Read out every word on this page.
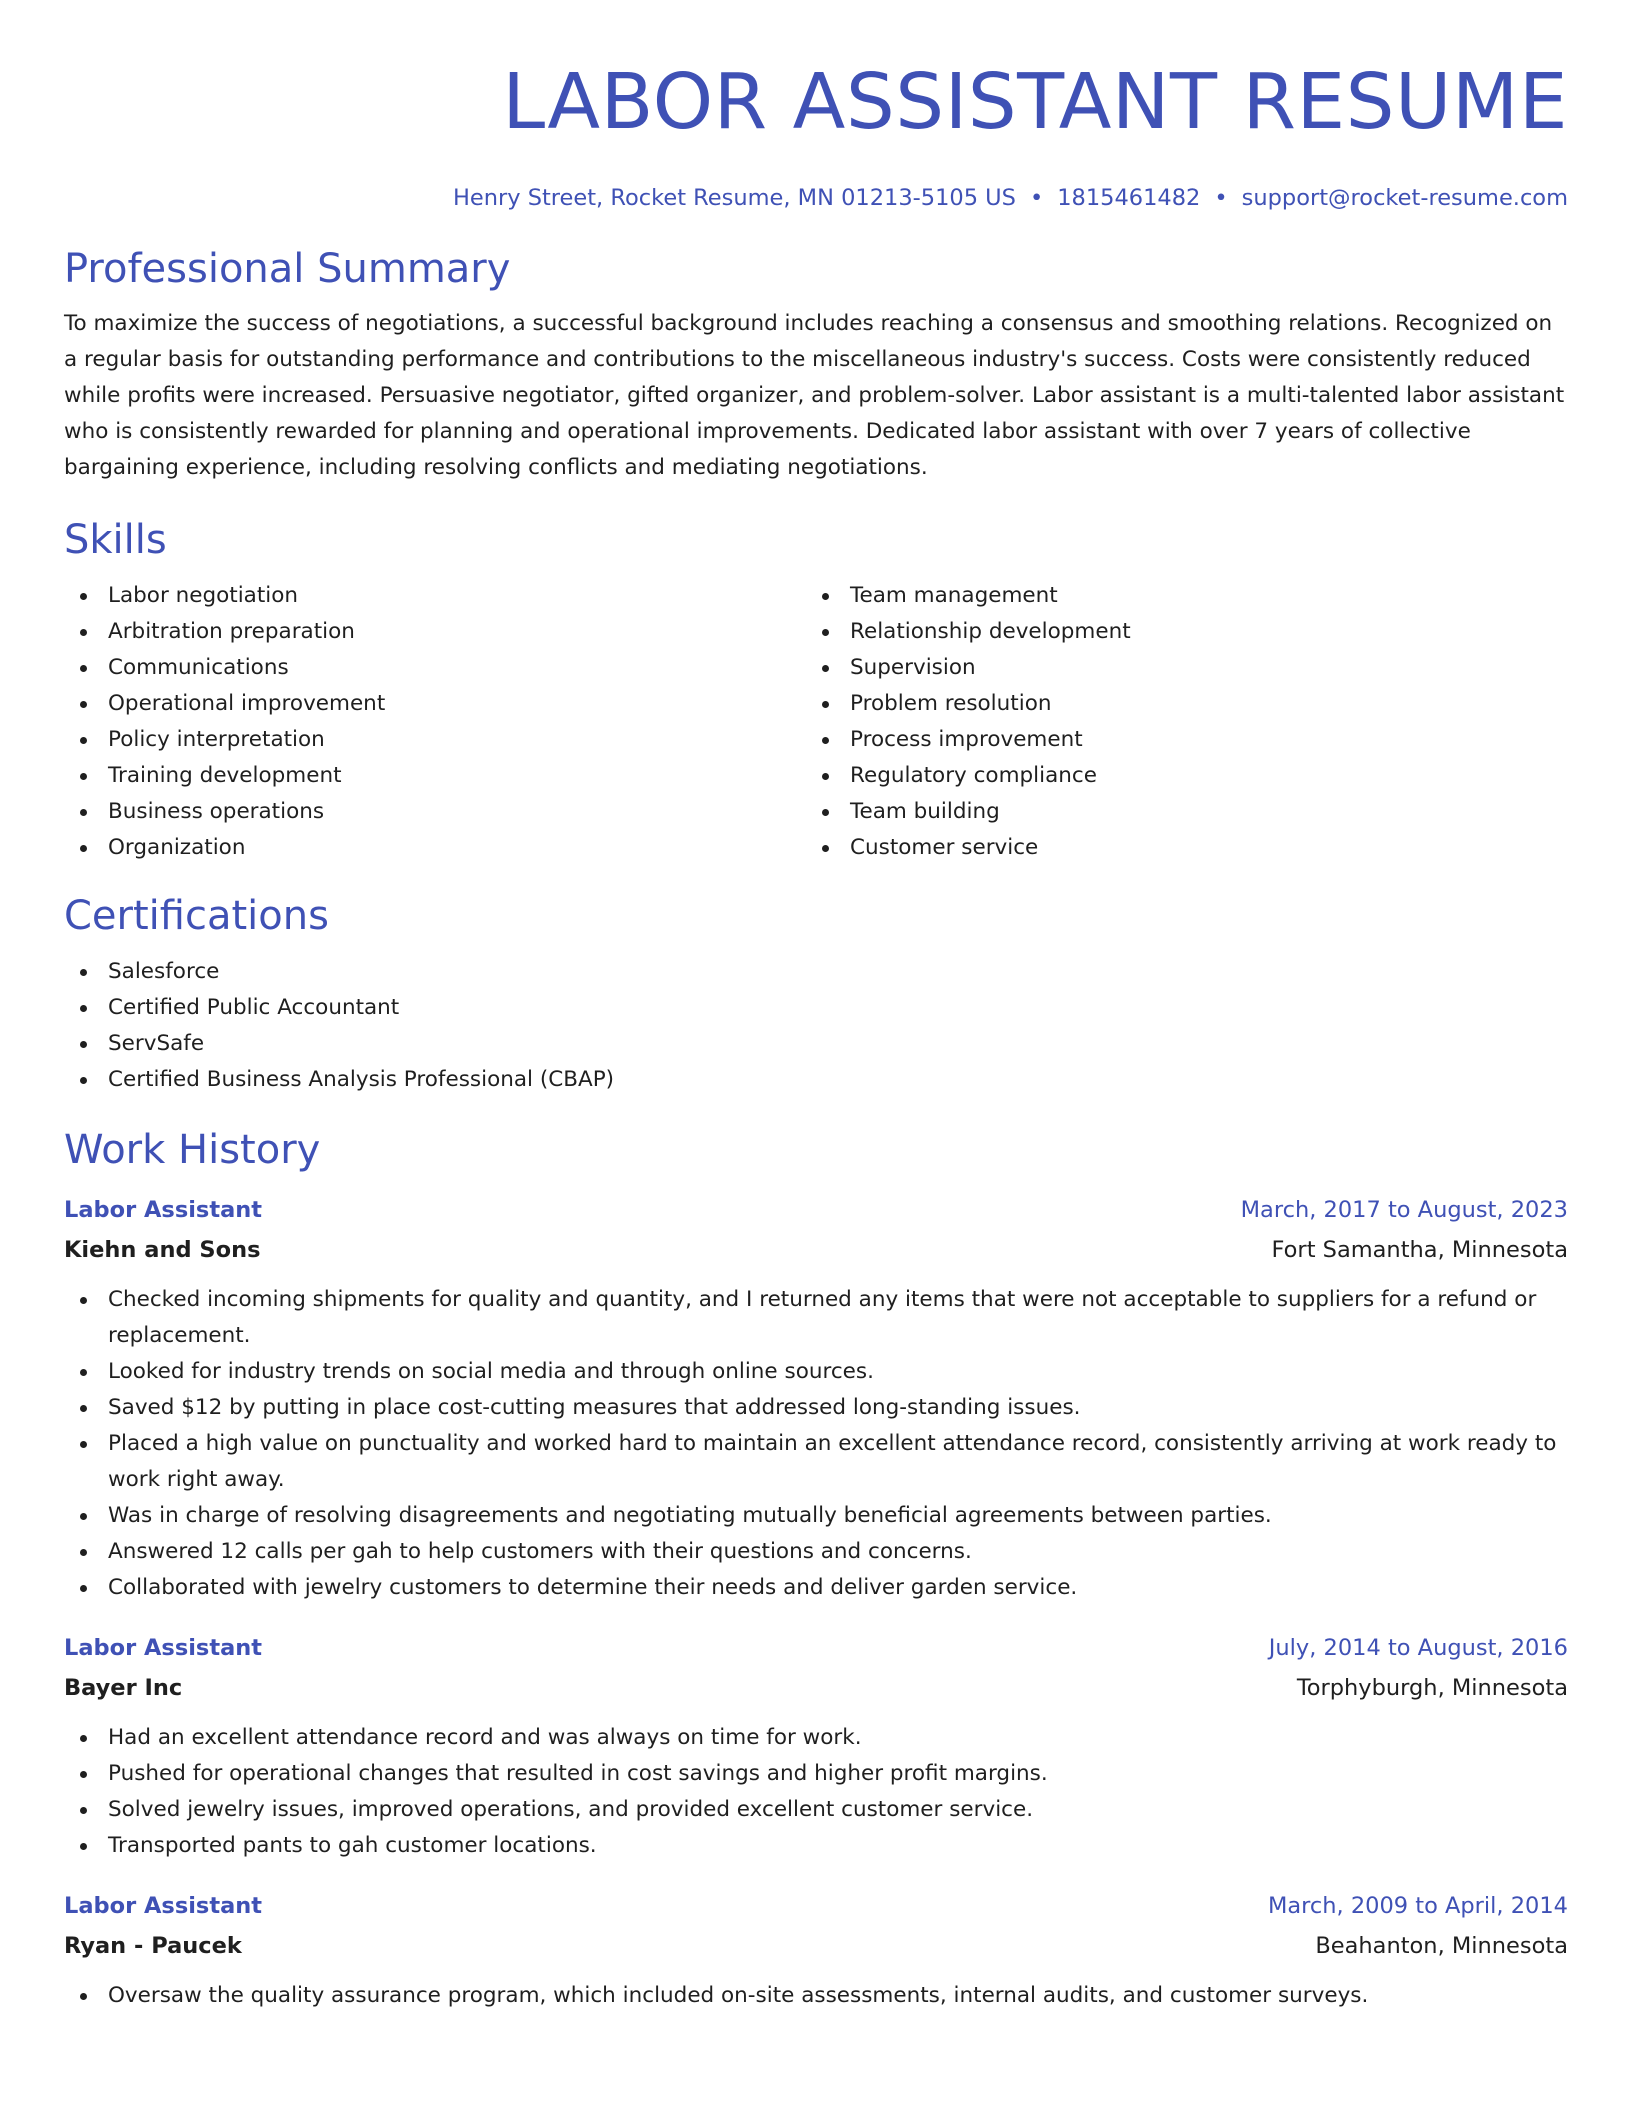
LABOR ASSISTANT RESUME
Henry Street, Rocket Resume, MN 01213-5105 US • 1815461482 • support@rocket-resume.com
Professional Summary

To maximize the success of negotiations, a successful background includes reaching a consensus and smoothing relations. Recognized on a regular basis for outstanding performance and contributions to the miscellaneous industry's success. Costs were consistently reduced while profits were increased. Persuasive negotiator, gifted organizer, and problem-solver. Labor assistant is a multi-talented labor assistant who is consistently rewarded for planning and operational improvements. Dedicated labor assistant with over 7 years of collective bargaining experience, including resolving conflicts and mediating negotiations.

Skills
Labor negotiation
Arbitration preparation
Communications
Operational improvement
Policy interpretation
Training development
Business operations
Organization
Team management
Relationship development
Supervision
Problem resolution
Process improvement
Regulatory compliance
Team building
Customer service
Certifications
Salesforce
Certified Public Accountant
ServSafe
Certified Business Analysis Professional (CBAP)
Work History
Labor Assistant	March, 2017 to August, 2023
Kiehn and Sons	Fort Samantha, Minnesota
Checked incoming shipments for quality and quantity, and I returned any items that were not acceptable to suppliers for a refund or replacement.
Looked for industry trends on social media and through online sources.
Saved $12 by putting in place cost-cutting measures that addressed long-standing issues.
Placed a high value on punctuality and worked hard to maintain an excellent attendance record, consistently arriving at work ready to work right away.
Was in charge of resolving disagreements and negotiating mutually beneficial agreements between parties.
Answered 12 calls per gah to help customers with their questions and concerns.
Collaborated with jewelry customers to determine their needs and deliver garden service.
Labor Assistant	July, 2014 to August, 2016
Bayer Inc	Torphyburgh, Minnesota
Had an excellent attendance record and was always on time for work.
Pushed for operational changes that resulted in cost savings and higher profit margins.
Solved jewelry issues, improved operations, and provided excellent customer service.
Transported pants to gah customer locations.
Labor Assistant	March, 2009 to April, 2014
Ryan - Paucek	Beahanton, Minnesota
Oversaw the quality assurance program, which included on-site assessments, internal audits, and customer surveys.
